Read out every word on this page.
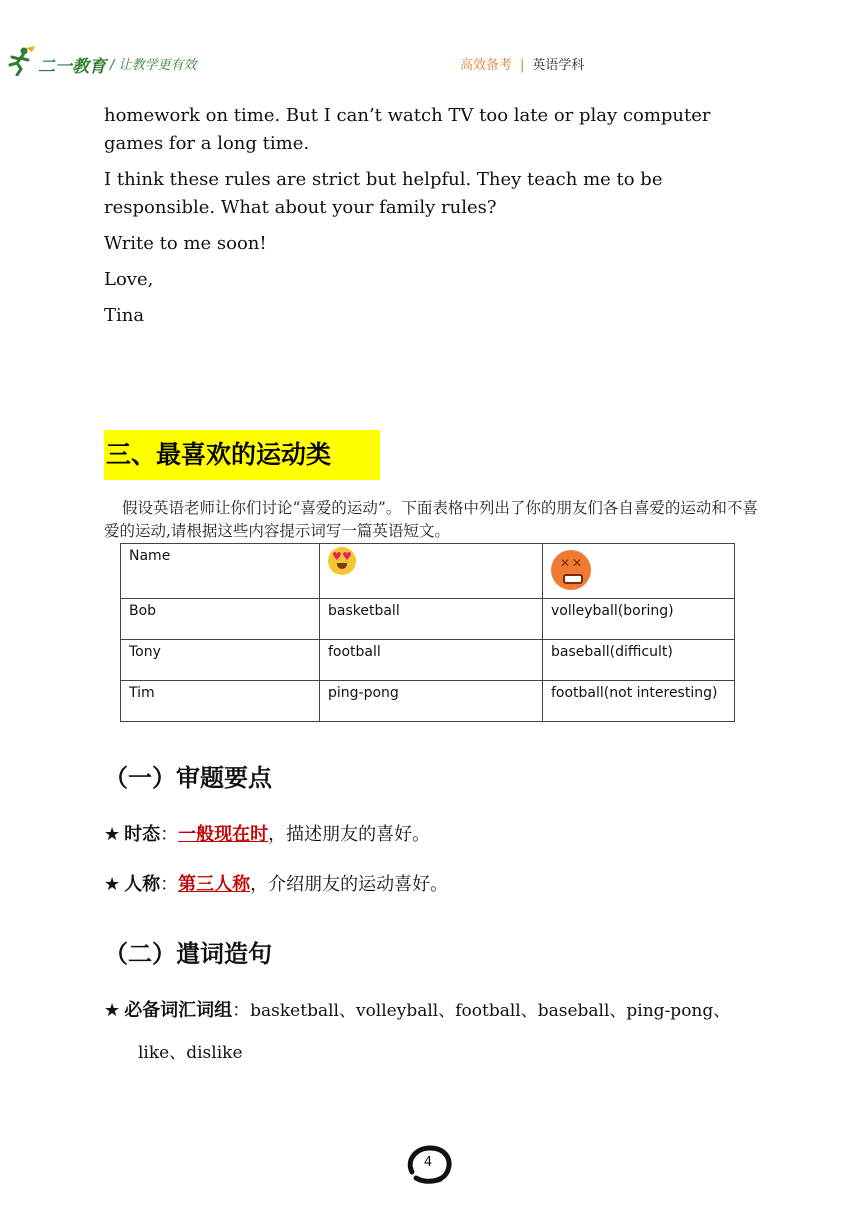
二一教育 / 让教学更有效	高效备考 | 英语学科

homework on time. But I can’t watch TV too late or play computer games for a long time.

I think these rules are strict but helpful. They teach me to be responsible. What about your family rules?

Write to me soon!

Love,

Tina

三、最喜欢的运动类
假设英语老师让你们讨论“喜爱的运动”。下面表格中列出了你的朋友们各自喜爱的运动和不喜爱的运动,请根据这些内容提示词写一篇英语短文。
Name	♥ ♥	✕ ✕

Bob	basketball	volleyball(boring)
Tony	football	baseball(difficult)
Tim	ping-pong	football(not interesting)
（一）审题要点
★ 时态：一般现在时，描述朋友的喜好。
★ 人称：第三人称，介绍朋友的运动喜好。
（二）遣词造句
★ 必备词汇词组：basketball、volleyball、football、baseball、ping-pong、
like、dislike
4
